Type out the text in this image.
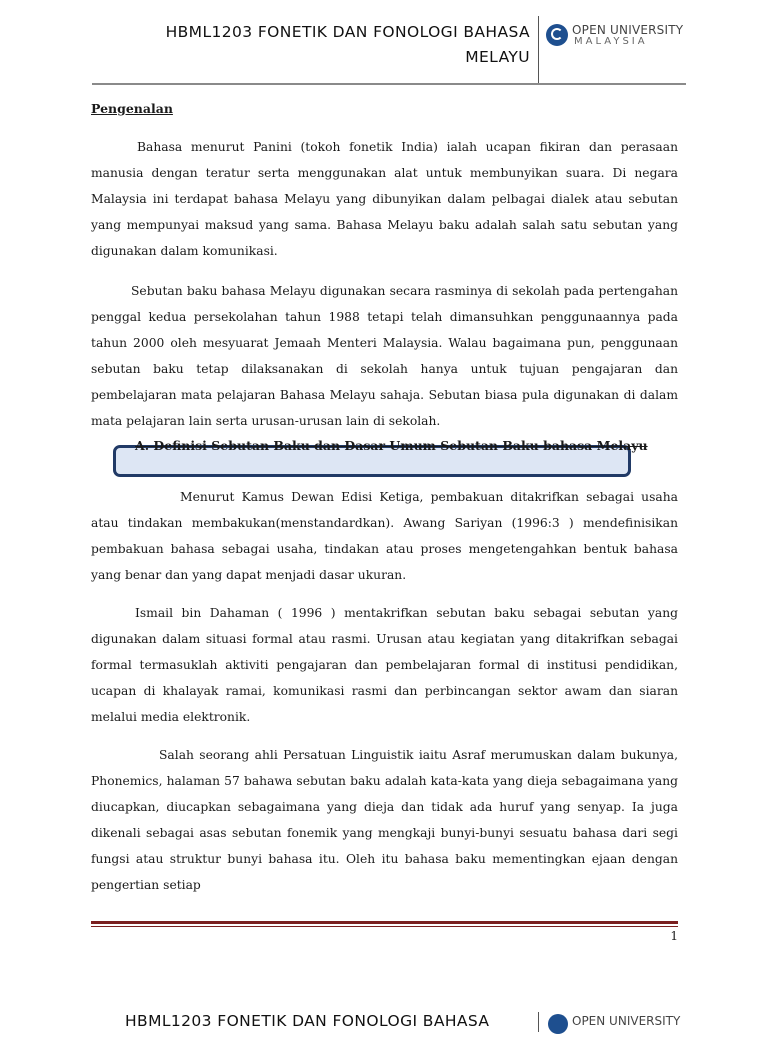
HBML1203 FONETIK DAN FONOLOGI BAHASA MELAYU
OPEN UNIVERSITY
MALAYSIA
Pengenalan

Bahasa menurut Panini (tokoh fonetik India) ialah ucapan fikiran dan perasaan manusia dengan teratur serta menggunakan alat untuk membunyikan suara. Di negara Malaysia ini terdapat bahasa Melayu yang dibunyikan dalam pelbagai dialek atau sebutan yang mempunyai maksud yang sama. Bahasa Melayu baku adalah salah satu sebutan yang digunakan dalam komunikasi.

Sebutan baku bahasa Melayu digunakan secara rasminya di sekolah pada pertengahan penggal kedua persekolahan tahun 1988 tetapi telah dimansuhkan penggunaannya pada tahun 2000 oleh mesyuarat Jemaah Menteri Malaysia. Walau bagaimana pun, penggunaan sebutan baku tetap dilaksanakan di sekolah hanya untuk tujuan pengajaran dan pembelajaran mata pelajaran Bahasa Melayu sahaja. Sebutan biasa pula digunakan di dalam mata pelajaran lain serta urusan-urusan lain di sekolah.

A. Definisi Sebutan Baku dan Dasar Umum Sebutan Baku bahasa Melayu

Menurut Kamus Dewan Edisi Ketiga, pembakuan ditakrifkan sebagai usaha atau tindakan membakukan(menstandardkan). Awang Sariyan (1996:3 ) mendefinisikan pembakuan bahasa sebagai usaha, tindakan atau proses mengetengahkan bentuk bahasa yang benar dan yang dapat menjadi dasar ukuran.

Ismail bin Dahaman ( 1996 ) mentakrifkan sebutan baku sebagai sebutan yang digunakan dalam situasi formal atau rasmi. Urusan atau kegiatan yang ditakrifkan sebagai formal termasuklah aktiviti pengajaran dan pembelajaran formal di institusi pendidikan, ucapan di khalayak ramai, komunikasi rasmi dan perbincangan sektor awam dan siaran melalui media elektronik.

Salah seorang ahli Persatuan Linguistik iaitu Asraf merumuskan dalam bukunya, Phonemics, halaman 57 bahawa sebutan baku adalah kata-kata yang dieja sebagaimana yang diucapkan, diucapkan sebagaimana yang dieja dan tidak ada huruf yang senyap. Ia juga dikenali sebagai asas sebutan fonemik yang mengkaji bunyi-bunyi sesuatu bahasa dari segi fungsi atau struktur bunyi bahasa itu. Oleh itu bahasa baku mementingkan ejaan dengan pengertian setiap

1
HBML1203 FONETIK DAN FONOLOGI BAHASA	OPEN UNIVERSITY
